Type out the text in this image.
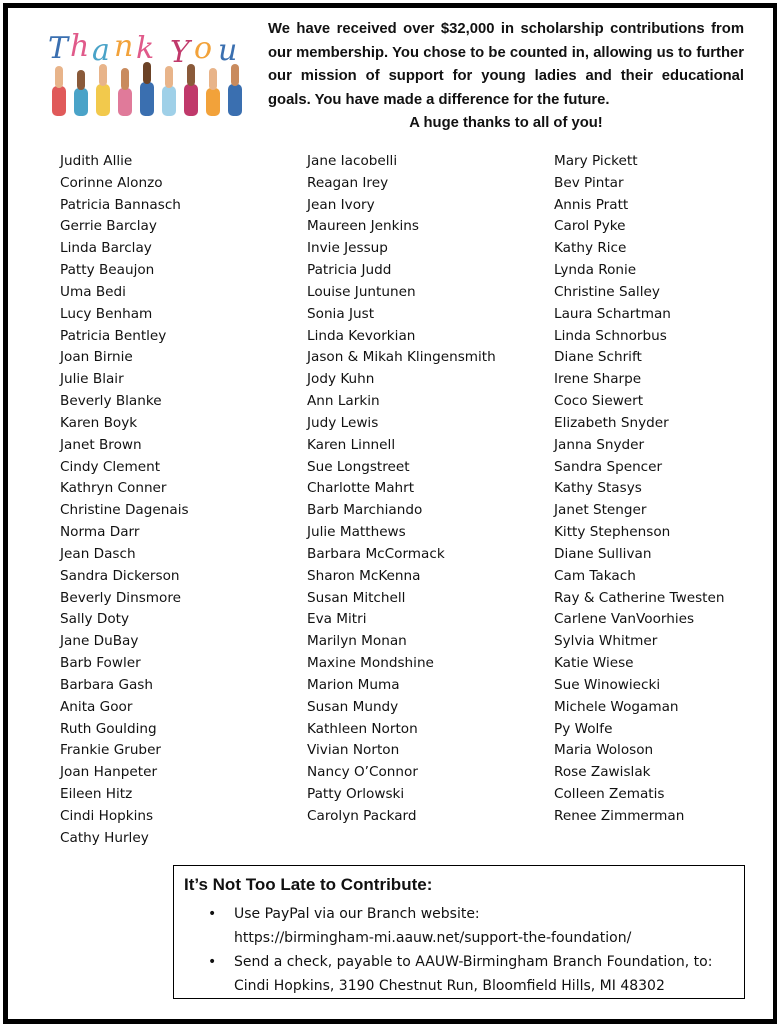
T h a n k Y o u
We have received over $32,000 in scholarship contributions from our membership. You chose to be counted in, allowing us to further our mission of support for young ladies and their educational goals. You have made a difference for the future.
A huge thanks to all of you!
Judith Allie
Corinne Alonzo
Patricia Bannasch
Gerrie Barclay
Linda Barclay
Patty Beaujon
Uma Bedi
Lucy Benham
Patricia Bentley
Joan Birnie
Julie Blair
Beverly Blanke
Karen Boyk
Janet Brown
Cindy Clement
Kathryn Conner
Christine Dagenais
Norma Darr
Jean Dasch
Sandra Dickerson
Beverly Dinsmore
Sally Doty
Jane DuBay
Barb Fowler
Barbara Gash
Anita Goor
Ruth Goulding
Frankie Gruber
Joan Hanpeter
Eileen Hitz
Cindi Hopkins
Cathy Hurley
Jane Iacobelli
Reagan Irey
Jean Ivory
Maureen Jenkins
Invie Jessup
Patricia Judd
Louise Juntunen
Sonia Just
Linda Kevorkian
Jason & Mikah Klingensmith
Jody Kuhn
Ann Larkin
Judy Lewis
Karen Linnell
Sue Longstreet
Charlotte Mahrt
Barb Marchiando
Julie Matthews
Barbara McCormack
Sharon McKenna
Susan Mitchell
Eva Mitri
Marilyn Monan
Maxine Mondshine
Marion Muma
Susan Mundy
Kathleen Norton
Vivian Norton
Nancy O’Connor
Patty Orlowski
Carolyn Packard
Mary Pickett
Bev Pintar
Annis Pratt
Carol Pyke
Kathy Rice
Lynda Ronie
Christine Salley
Laura Schartman
Linda Schnorbus
Diane Schrift
Irene Sharpe
Coco Siewert
Elizabeth Snyder
Janna Snyder
Sandra Spencer
Kathy Stasys
Janet Stenger
Kitty Stephenson
Diane Sullivan
Cam Takach
Ray & Catherine Twesten
Carlene VanVoorhies
Sylvia Whitmer
Katie Wiese
Sue Winowiecki
Michele Wogaman
Py Wolfe
Maria Woloson
Rose Zawislak
Colleen Zematis
Renee Zimmerman
It’s Not Too Late to Contribute:
• Use PayPal via our Branch website:
https://birmingham-mi.aauw.net/support-the-foundation/
• Send a check, payable to AAUW-Birmingham Branch Foundation, to:
Cindi Hopkins, 3190 Chestnut Run, Bloomfield Hills, MI 48302
